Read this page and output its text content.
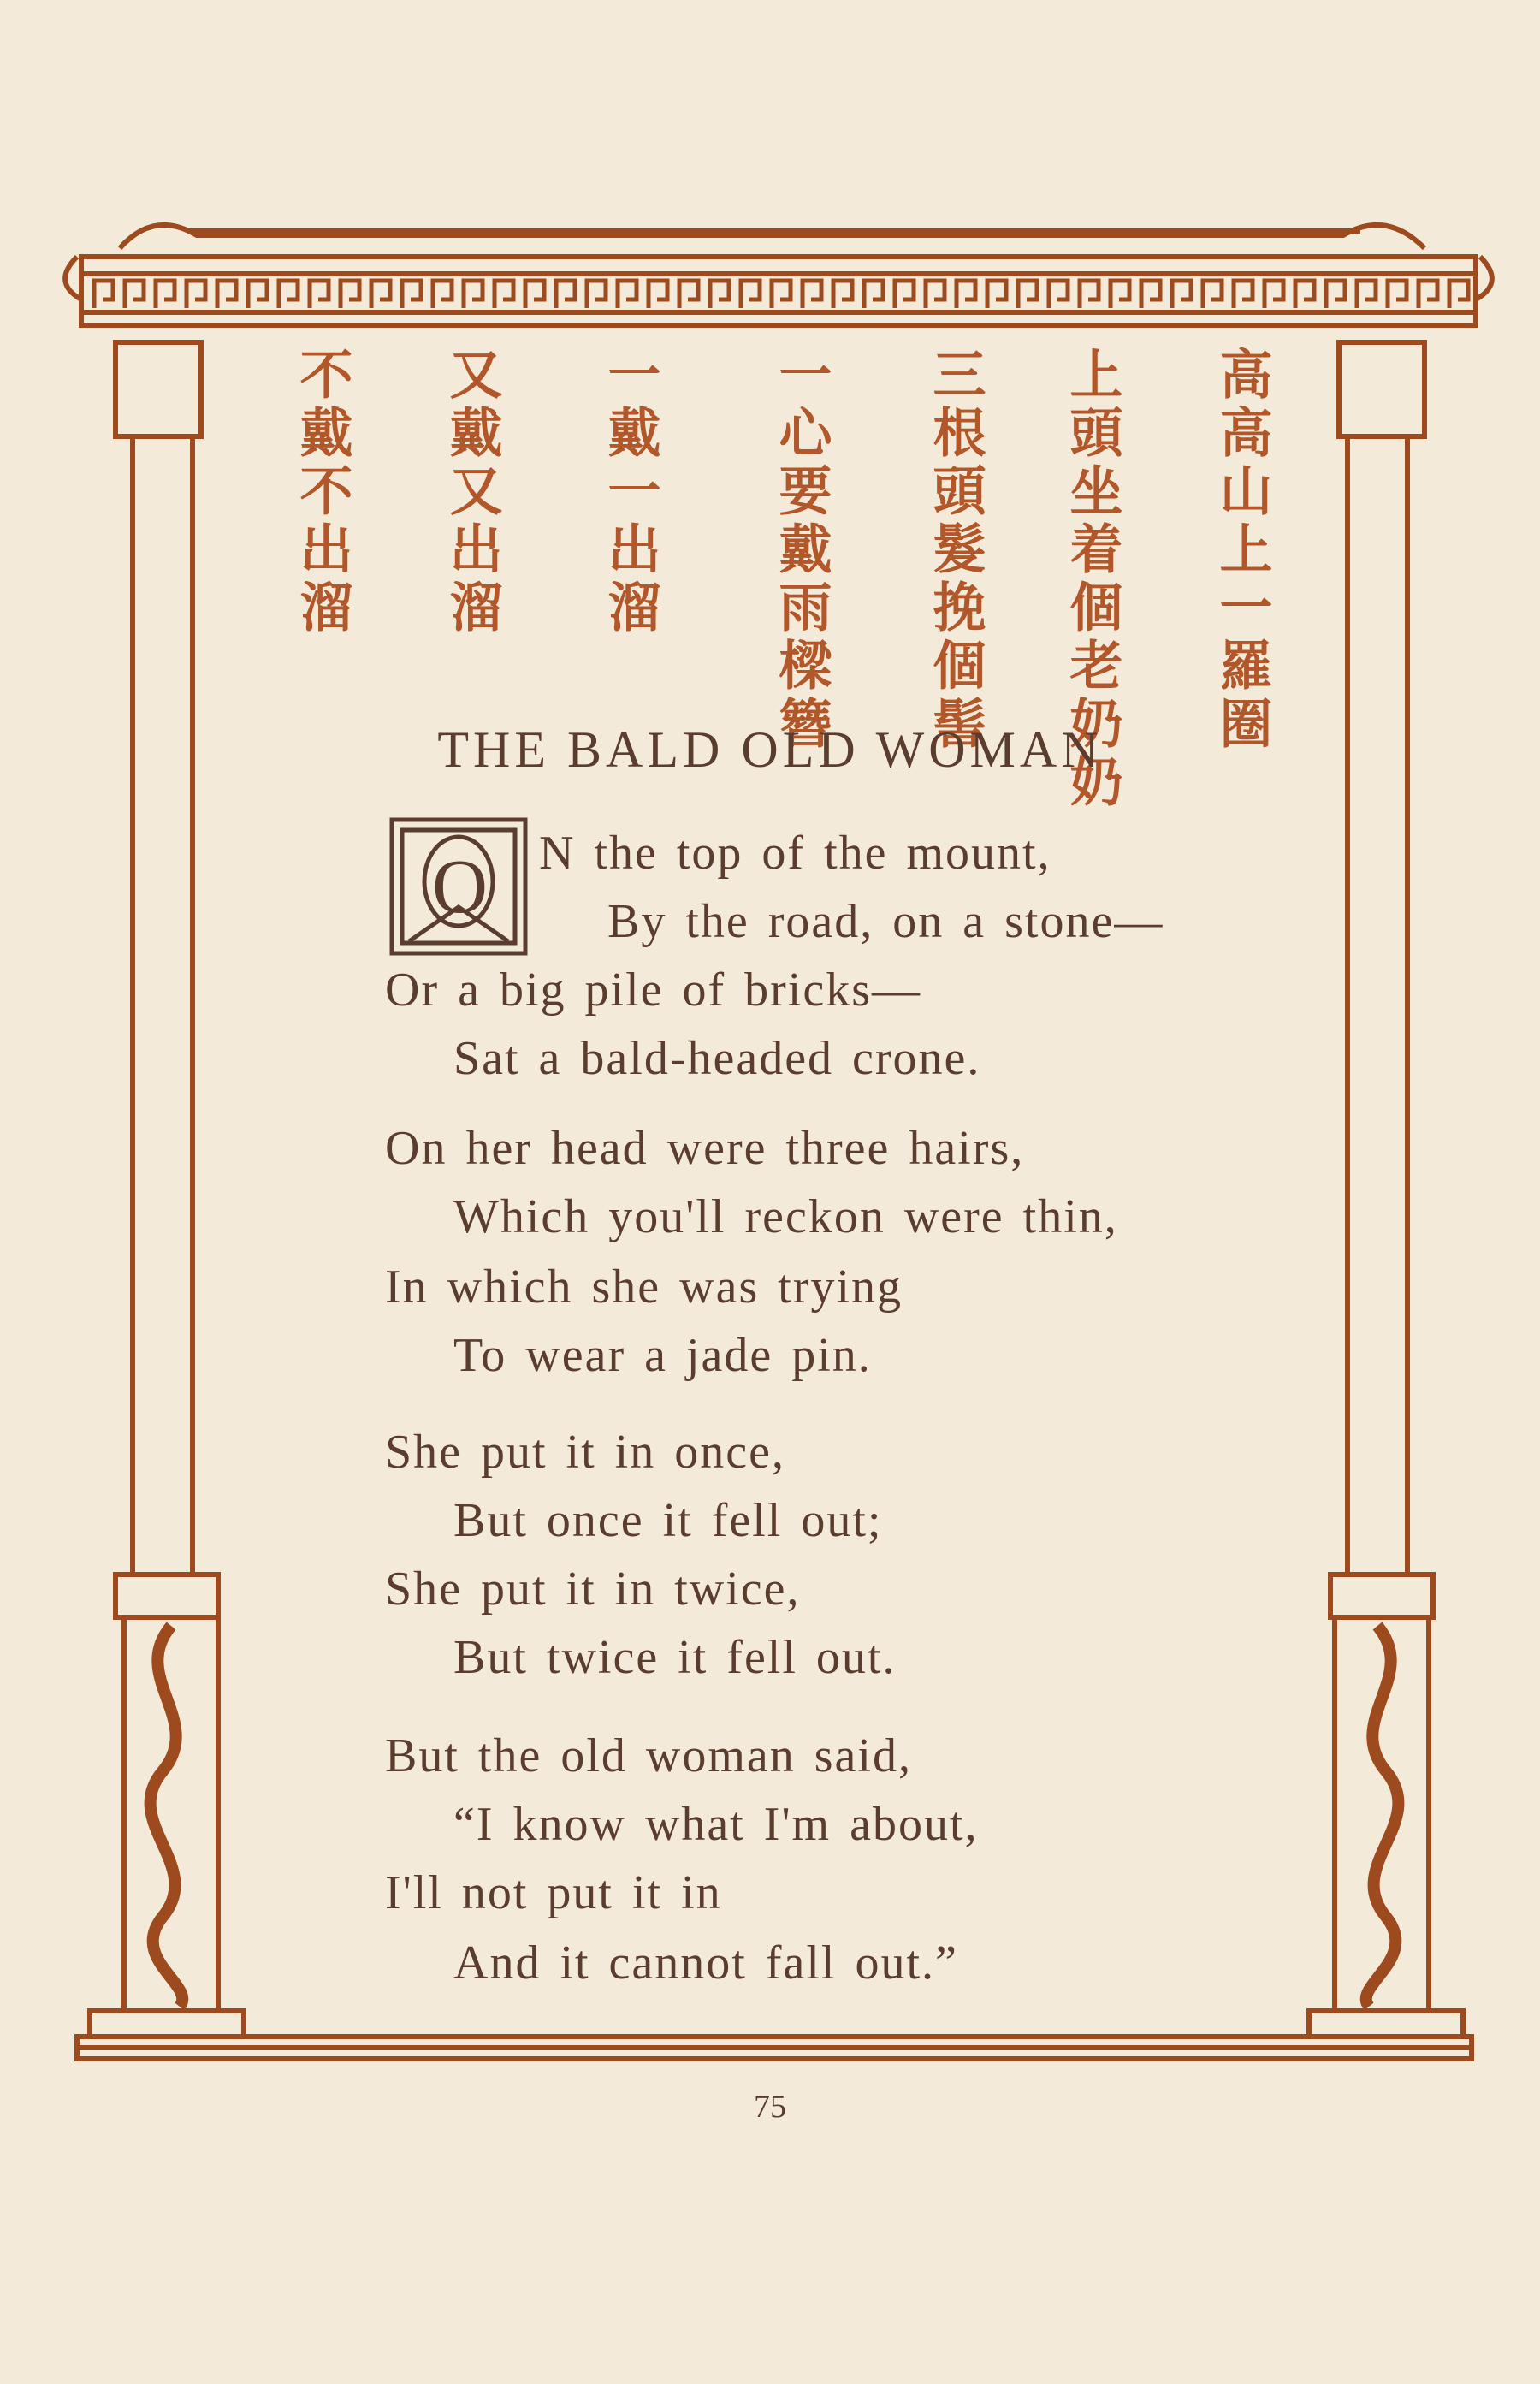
高高山上一羅圈
上頭坐着個老奶奶
三根頭髮挽個髻
一心要戴雨樑簪
一戴一出溜
又戴又出溜
不戴不出溜
THE BALD OLD WOMAN
O N the top of the mount,
By the road, on a stone—
Or a big pile of bricks—
Sat a bald-headed crone.
On her head were three hairs,
Which you'll reckon were thin,
In which she was trying
To wear a jade pin.
She put it in once,
But once it fell out;
She put it in twice,
But twice it fell out.
But the old woman said,
“I know what I'm about,
I'll not put it in
And it cannot fall out.”
75
